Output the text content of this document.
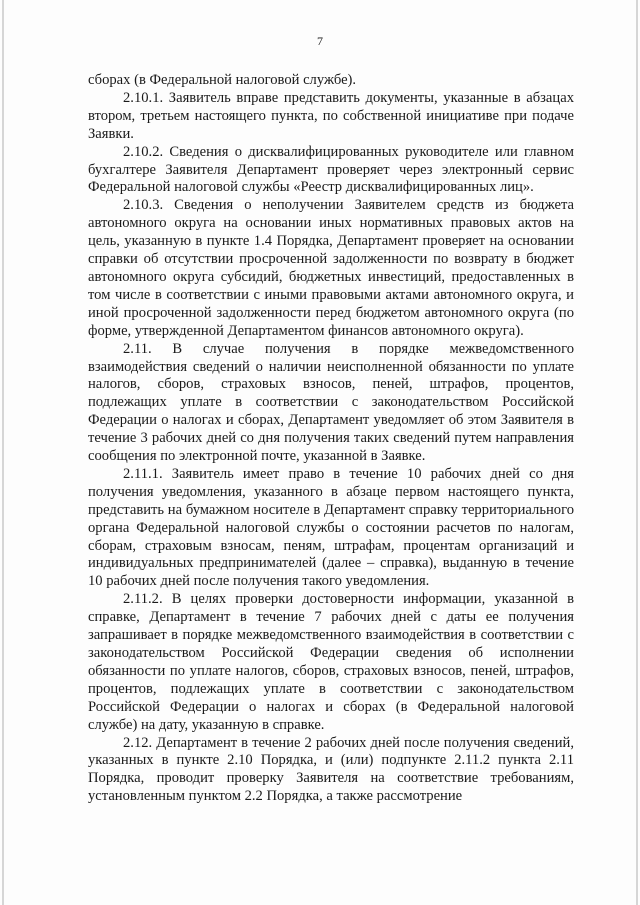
7

сборах (в Федеральной налоговой службе).

2.10.1. Заявитель вправе представить документы, указанные в абзацах втором, третьем настоящего пункта, по собственной инициативе при подаче Заявки.

2.10.2. Сведения о дисквалифицированных руководителе или главном бухгалтере Заявителя Департамент проверяет через электронный сервис Федеральной налоговой службы «Реестр дисквалифицированных лиц».

2.10.3. Сведения о неполучении Заявителем средств из бюджета автономного округа на основании иных нормативных правовых актов на цель, указанную в пункте 1.4 Порядка, Департамент проверяет на основании справки об отсутствии просроченной задолженности по возврату в бюджет автономного округа субсидий, бюджетных инвестиций, предоставленных в том числе в соответствии с иными правовыми актами автономного округа, и иной просроченной задолженности перед бюджетом автономного округа (по форме, утвержденной Департаментом финансов автономного округа).

2.11. В случае получения в порядке межведомственного взаимодействия сведений о наличии неисполненной обязанности по уплате налогов, сборов, страховых взносов, пеней, штрафов, процентов, подлежащих уплате в соответствии с законодательством Российской Федерации о налогах и сборах, Департамент уведомляет об этом Заявителя в течение 3 рабочих дней со дня получения таких сведений путем направления сообщения по электронной почте, указанной в Заявке.

2.11.1. Заявитель имеет право в течение 10 рабочих дней со дня получения уведомления, указанного в абзаце первом настоящего пункта, представить на бумажном носителе в Департамент справку территориального органа Федеральной налоговой службы о состоянии расчетов по налогам, сборам, страховым взносам, пеням, штрафам, процентам организаций и индивидуальных предпринимателей (далее – справка), выданную в течение 10 рабочих дней после получения такого уведомления.

2.11.2. В целях проверки достоверности информации, указанной в справке, Департамент в течение 7 рабочих дней с даты ее получения запрашивает в порядке межведомственного взаимодействия в соответствии с законодательством Российской Федерации сведения об исполнении обязанности по уплате налогов, сборов, страховых взносов, пеней, штрафов, процентов, подлежащих уплате в соответствии с законодательством Российской Федерации о налогах и сборах (в Федеральной налоговой службе) на дату, указанную в справке.

2.12. Департамент в течение 2 рабочих дней после получения сведений, указанных в пункте 2.10 Порядка, и (или) подпункте 2.11.2 пункта 2.11 Порядка, проводит проверку Заявителя на соответствие требованиям, установленным пунктом 2.2 Порядка, а также рассмотрение
